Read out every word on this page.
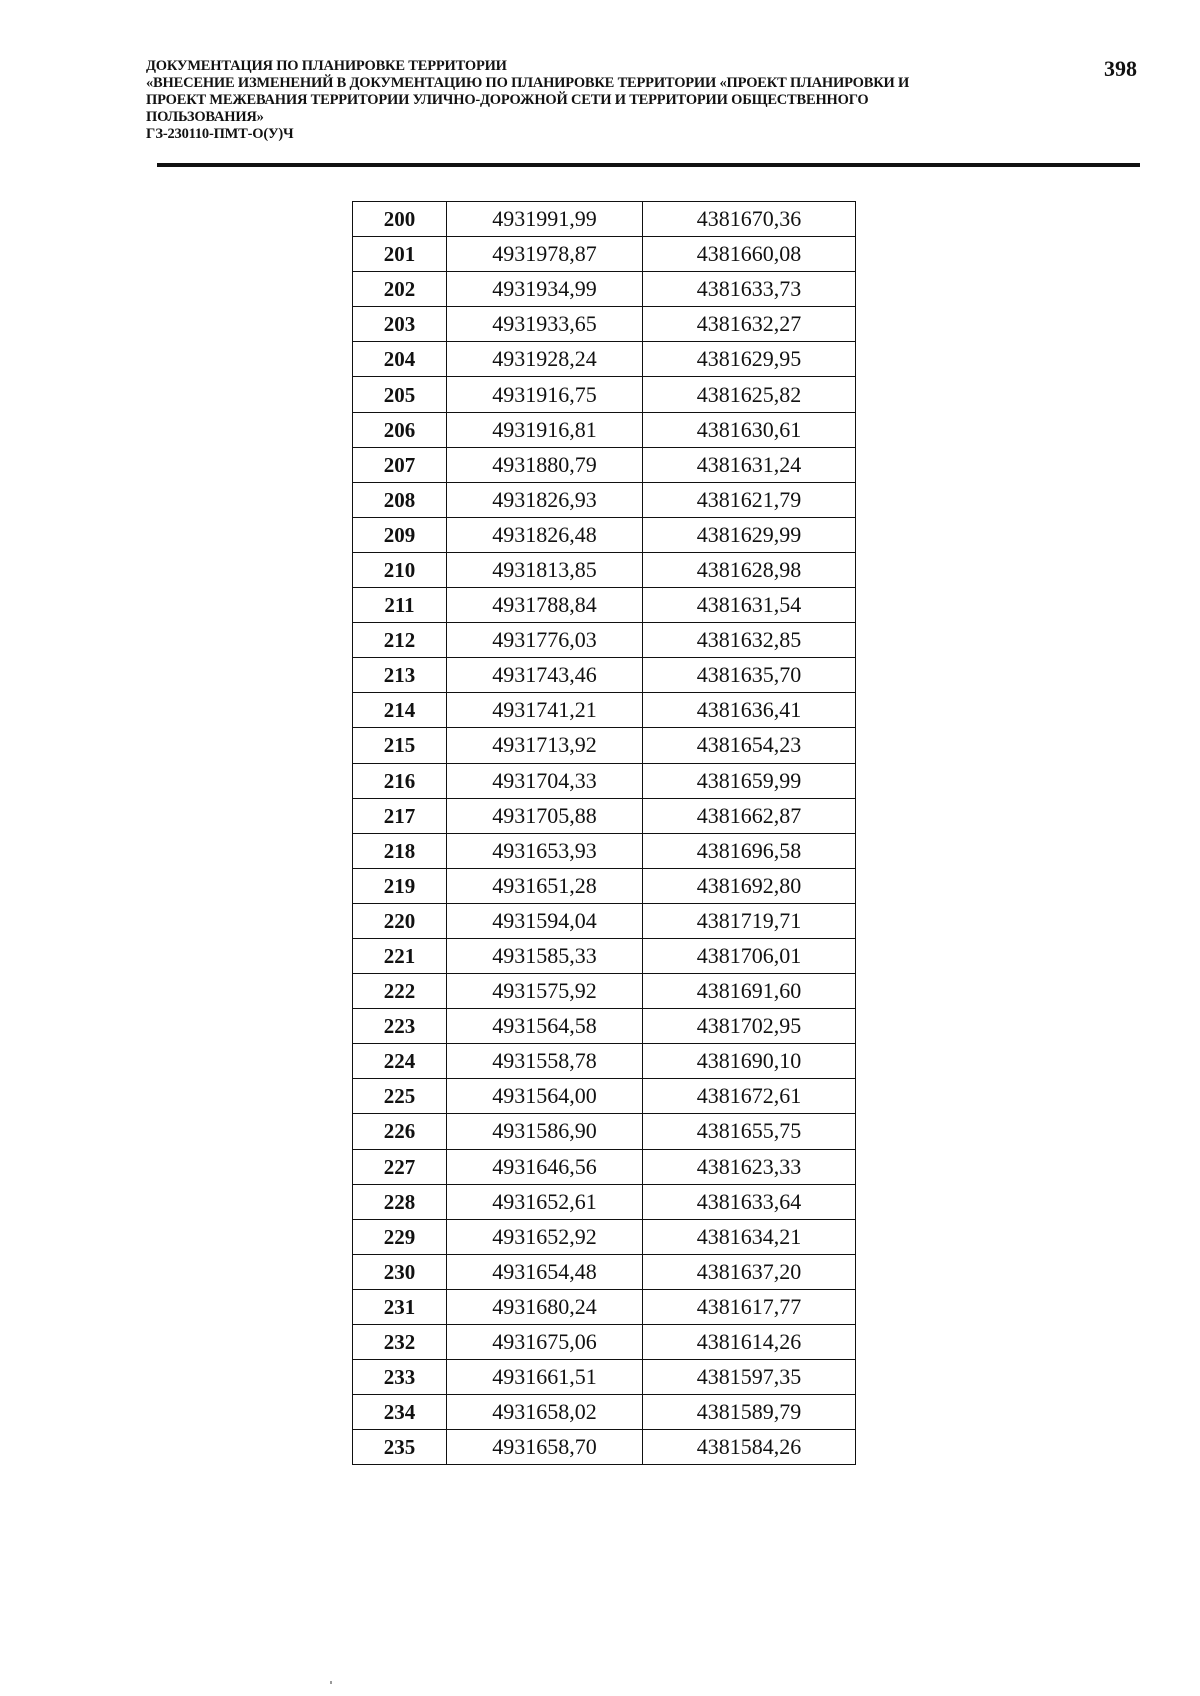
ДОКУМЕНТАЦИЯ ПО ПЛАНИРОВКЕ ТЕРРИТОРИИ
«ВНЕСЕНИЕ ИЗМЕНЕНИЙ В ДОКУМЕНТАЦИЮ ПО ПЛАНИРОВКЕ ТЕРРИТОРИИ «ПРОЕКТ ПЛАНИРОВКИ И
ПРОЕКТ МЕЖЕВАНИЯ ТЕРРИТОРИИ УЛИЧНО-ДОРОЖНОЙ СЕТИ И ТЕРРИТОРИИ ОБЩЕСТВЕННОГО
ПОЛЬЗОВАНИЯ»
ГЗ-230110-ПМТ-О(У)Ч
398
200	4931991,99	4381670,36
201	4931978,87	4381660,08
202	4931934,99	4381633,73
203	4931933,65	4381632,27
204	4931928,24	4381629,95
205	4931916,75	4381625,82
206	4931916,81	4381630,61
207	4931880,79	4381631,24
208	4931826,93	4381621,79
209	4931826,48	4381629,99
210	4931813,85	4381628,98
211	4931788,84	4381631,54
212	4931776,03	4381632,85
213	4931743,46	4381635,70
214	4931741,21	4381636,41
215	4931713,92	4381654,23
216	4931704,33	4381659,99
217	4931705,88	4381662,87
218	4931653,93	4381696,58
219	4931651,28	4381692,80
220	4931594,04	4381719,71
221	4931585,33	4381706,01
222	4931575,92	4381691,60
223	4931564,58	4381702,95
224	4931558,78	4381690,10
225	4931564,00	4381672,61
226	4931586,90	4381655,75
227	4931646,56	4381623,33
228	4931652,61	4381633,64
229	4931652,92	4381634,21
230	4931654,48	4381637,20
231	4931680,24	4381617,77
232	4931675,06	4381614,26
233	4931661,51	4381597,35
234	4931658,02	4381589,79
235	4931658,70	4381584,26
